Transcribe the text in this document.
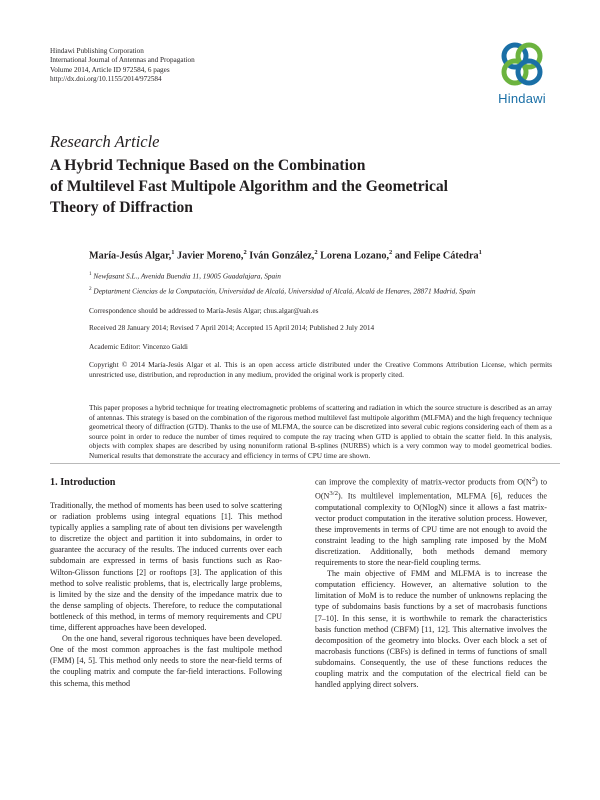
Hindawi Publishing Corporation
International Journal of Antennas and Propagation
Volume 2014, Article ID 972584, 6 pages
http://dx.doi.org/10.1155/2014/972584
Hindawi
Research Article
A Hybrid Technique Based on the Combination
of Multilevel Fast Multipole Algorithm and the Geometrical
Theory of Diffraction
María-Jesús Algar,$^1$ Javier Moreno,$^2$ Iván González,$^2$ Lorena Lozano,$^2$ and Felipe Cátedra$^1$
$^1$ Newfasant S.L., Avenida Buendia 11, 19005 Guadalajara, Spain
$^2$ Deptartment Ciencias de la Computación, Universidad de Alcalá, Universidad of Alcalá, Alcalá de Henares, 28871 Madrid, Spain
Correspondence should be addressed to María-Jesús Algar; chus.algar@uah.es
Received 28 January 2014; Revised 7 April 2014; Accepted 15 April 2014; Published 2 July 2014
Academic Editor: Vincenzo Galdi
Copyright © 2014 María-Jesús Algar et al. This is an open access article distributed under the Creative Commons Attribution License, which permits unrestricted use, distribution, and reproduction in any medium, provided the original work is properly cited.
This paper proposes a hybrid technique for treating electromagnetic problems of scattering and radiation in which the source structure is described as an array of antennas. This strategy is based on the combination of the rigorous method multilevel fast multipole algorithm (MLFMA) and the high frequency technique geometrical theory of diffraction (GTD). Thanks to the use of MLFMA, the source can be discretized into several cubic regions considering each of them as a source point in order to reduce the number of times required to compute the ray tracing when GTD is applied to obtain the scatter field. In this analysis, objects with complex shapes are described by using nonuniform rational B-splines (NURBS) which is a very common way to model geometrical bodies. Numerical results that demonstrate the accuracy and efficiency in terms of CPU time are shown.
1. Introduction

Traditionally, the method of moments has been used to solve scattering or radiation problems using integral equations [1]. This method typically applies a sampling rate of about ten divisions per wavelength to discretize the object and partition it into subdomains, in order to guarantee the accuracy of the results. The induced currents over each subdomain are expressed in terms of basis functions such as Rao-Wilton-Glisson functions [2] or rooftops [3]. The application of this method to solve realistic problems, that is, electrically large problems, is limited by the size and the density of the impedance matrix due to the dense sampling of objects. Therefore, to reduce the computational bottleneck of this method, in terms of memory requirements and CPU time, different approaches have been developed.

On the one hand, several rigorous techniques have been developed. One of the most common approaches is the fast multipole method (FMM) [4, 5]. This method only needs to store the near-field terms of the coupling matrix and compute the far-field interactions. Following this schema, this method

can improve the complexity of matrix-vector products from $O(N^2)$ to $O(N^{3/2})$. Its multilevel implementation, MLFMA [6], reduces the computational complexity to O(NlogN) since it allows a fast matrix-vector product computation in the iterative solution process. However, these improvements in terms of CPU time are not enough to avoid the constraint leading to the high sampling rate imposed by the MoM discretization. Additionally, both methods demand memory requirements to store the near-field coupling terms.

The main objective of FMM and MLFMA is to increase the computation efficiency. However, an alternative solution to the limitation of MoM is to reduce the number of unknowns replacing the type of subdomains basis functions by a set of macrobasis functions [7–10]. In this sense, it is worthwhile to remark the characteristics basis function method (CBFM) [11, 12]. This alternative involves the decomposition of the geometry into blocks. Over each block a set of macrobasis functions (CBFs) is defined in terms of functions of small subdomains. Consequently, the use of these functions reduces the coupling matrix and the computation of the electrical field can be handled applying direct solvers.
